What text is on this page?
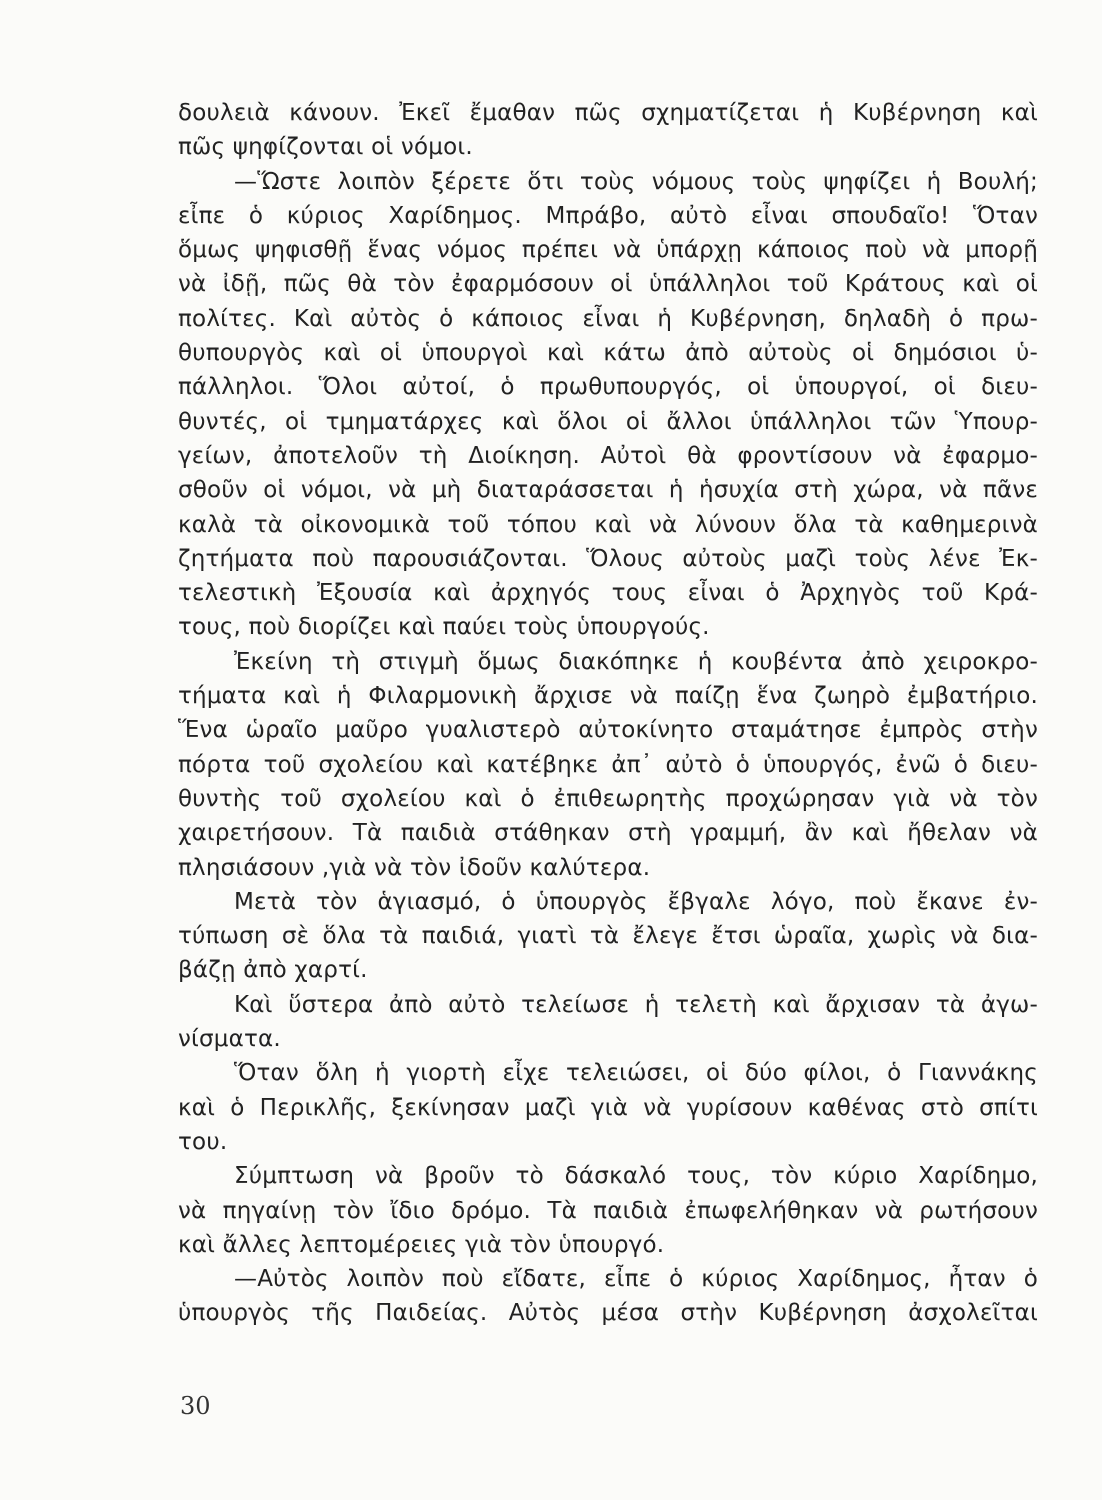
δουλειὰ κάνουν. Ἐκεῖ ἔμαθαν πῶς σχηματίζεται ἡ Κυβέρνηση καὶ
πῶς ψηφίζονται οἱ νόμοι.
—Ὥστε λοιπὸν ξέρετε ὅτι τοὺς νόμους τοὺς ψηφίζει ἡ Βουλή;
εἶπε ὁ κύριος Χαρίδημος. Μπράβο, αὐτὸ εἶναι σπουδαῖο! Ὅταν
ὅμως ψηφισθῇ ἕνας νόμος πρέπει νὰ ὑπάρχῃ κάποιος ποὺ νὰ μπορῇ
νὰ ἰδῇ, πῶς θὰ τὸν ἐφαρμόσουν οἱ ὑπάλληλοι τοῦ Κράτους καὶ οἱ
πολίτες. Καὶ αὐτὸς ὁ κάποιος εἶναι ἡ Κυβέρνηση, δηλαδὴ ὁ πρω-
θυπουργὸς καὶ οἱ ὑπουργοὶ καὶ κάτω ἀπὸ αὐτοὺς οἱ δημόσιοι ὑ-
πάλληλοι. Ὅλοι αὐτοί, ὁ πρωθυπουργός, οἱ ὑπουργοί, οἱ διευ-
θυντές, οἱ τμηματάρχες καὶ ὅλοι οἱ ἄλλοι ὑπάλληλοι τῶν Ὑπουρ-
γείων, ἀποτελοῦν τὴ Διοίκηση. Αὐτοὶ θὰ φροντίσουν νὰ ἐφαρμο-
σθοῦν οἱ νόμοι, νὰ μὴ διαταράσσεται ἡ ἡσυχία στὴ χώρα, νὰ πᾶνε
καλὰ τὰ οἰκονομικὰ τοῦ τόπου καὶ νὰ λύνουν ὅλα τὰ καθημερινὰ
ζητήματα ποὺ παρουσιάζονται. Ὅλους αὐτοὺς μαζὶ τοὺς λένε Ἐκ-
τελεστικὴ Ἐξουσία καὶ ἀρχηγός τους εἶναι ὁ Ἀρχηγὸς τοῦ Κρά-
τους, ποὺ διορίζει καὶ παύει τοὺς ὑπουργούς.
Ἐκείνη τὴ στιγμὴ ὅμως διακόπηκε ἡ κουβέντα ἀπὸ χειροκρο-
τήματα καὶ ἡ Φιλαρμονικὴ ἄρχισε νὰ παίζῃ ἕνα ζωηρὸ ἐμβατήριο.
Ἕνα ὡραῖο μαῦρο γυαλιστερὸ αὐτοκίνητο σταμάτησε ἐμπρὸς στὴν
πόρτα τοῦ σχολείου καὶ κατέβηκε ἀπ᾽ αὐτὸ ὁ ὑπουργός, ἐνῶ ὁ διευ-
θυντὴς τοῦ σχολείου καὶ ὁ ἐπιθεωρητὴς προχώρησαν γιὰ νὰ τὸν
χαιρετήσουν. Τὰ παιδιὰ στάθηκαν στὴ γραμμή, ἂν καὶ ἤθελαν νὰ
πλησιάσουν ,γιὰ νὰ τὸν ἰδοῦν καλύτερα.
Μετὰ τὸν ἁγιασμό, ὁ ὑπουργὸς ἔβγαλε λόγο, ποὺ ἔκανε ἐν-
τύπωση σὲ ὅλα τὰ παιδιά, γιατὶ τὰ ἔλεγε ἔτσι ὡραῖα, χωρὶς νὰ δια-
βάζῃ ἀπὸ χαρτί.
Καὶ ὕστερα ἀπὸ αὐτὸ τελείωσε ἡ τελετὴ καὶ ἄρχισαν τὰ ἀγω-
νίσματα.
Ὅταν ὅλη ἡ γιορτὴ εἶχε τελειώσει, οἱ δύο φίλοι, ὁ Γιαννάκης
καὶ ὁ Περικλῆς, ξεκίνησαν μαζὶ γιὰ νὰ γυρίσουν καθένας στὸ σπίτι
του.
Σύμπτωση νὰ βροῦν τὸ δάσκαλό τους, τὸν κύριο Χαρίδημο,
νὰ πηγαίνῃ τὸν ἴδιο δρόμο. Τὰ παιδιὰ ἐπωφελήθηκαν νὰ ρωτήσουν
καὶ ἄλλες λεπτομέρειες γιὰ τὸν ὑπουργό.
—Αὐτὸς λοιπὸν ποὺ εἴδατε, εἶπε ὁ κύριος Χαρίδημος, ἦταν ὁ
ὑπουργὸς τῆς Παιδείας. Αὐτὸς μέσα στὴν Κυβέρνηση ἀσχολεῖται
30
